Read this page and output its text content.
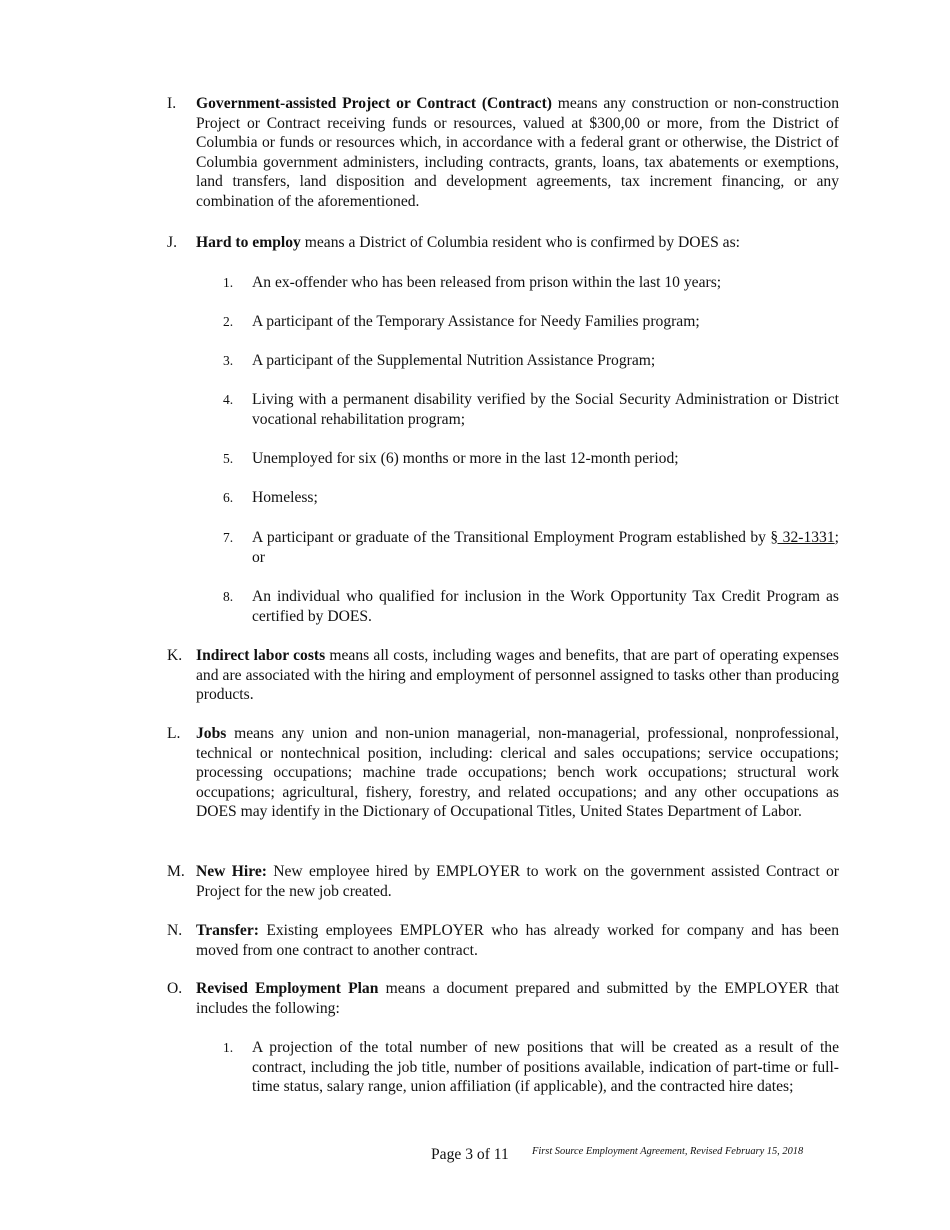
I.	Government-assisted Project or Contract (Contract) means any construction or non-construction Project or Contract receiving funds or resources, valued at $300,00 or more, from the District of Columbia or funds or resources which, in accordance with a federal grant or otherwise, the District of Columbia government administers, including contracts, grants, loans, tax abatements or exemptions, land transfers, land disposition and development agreements, tax increment financing, or any combination of the aforementioned.
J.	Hard to employ means a District of Columbia resident who is confirmed by DOES as:
1.	An ex-offender who has been released from prison within the last 10 years;
2.	A participant of the Temporary Assistance for Needy Families program;
3.	A participant of the Supplemental Nutrition Assistance Program;
4.	Living with a permanent disability verified by the Social Security Administration or District vocational rehabilitation program;
5.	Unemployed for six (6) months or more in the last 12-month period;
6.	Homeless;
7.	A participant or graduate of the Transitional Employment Program established by § 32-1331; or
8.	An individual who qualified for inclusion in the Work Opportunity Tax Credit Program as certified by DOES.
K. Indirect labor costs means all costs, including wages and benefits, that are part of operating expenses and are associated with the hiring and employment of personnel assigned to tasks other than producing products.
L. Jobs means any union and non-union managerial, non-managerial, professional, nonprofessional, technical or nontechnical position, including: clerical and sales occupations; service occupations; processing occupations; machine trade occupations; bench work occupations; structural work occupations; agricultural, fishery, forestry, and related occupations; and any other occupations as DOES may identify in the Dictionary of Occupational Titles, United States Department of Labor.
M. New Hire: New employee hired by EMPLOYER to work on the government assisted Contract or Project for the new job created.
N. Transfer: Existing employees EMPLOYER who has already worked for company and has been moved from one contract to another contract.
O. Revised Employment Plan means a document prepared and submitted by the EMPLOYER that includes the following:
1.	A projection of the total number of new positions that will be created as a result of the contract, including the job title, number of positions available, indication of part-time or full-time status, salary range, union affiliation (if applicable), and the contracted hire dates;
Page 3 of 11 First Source Employment Agreement, Revised February 15, 2018
